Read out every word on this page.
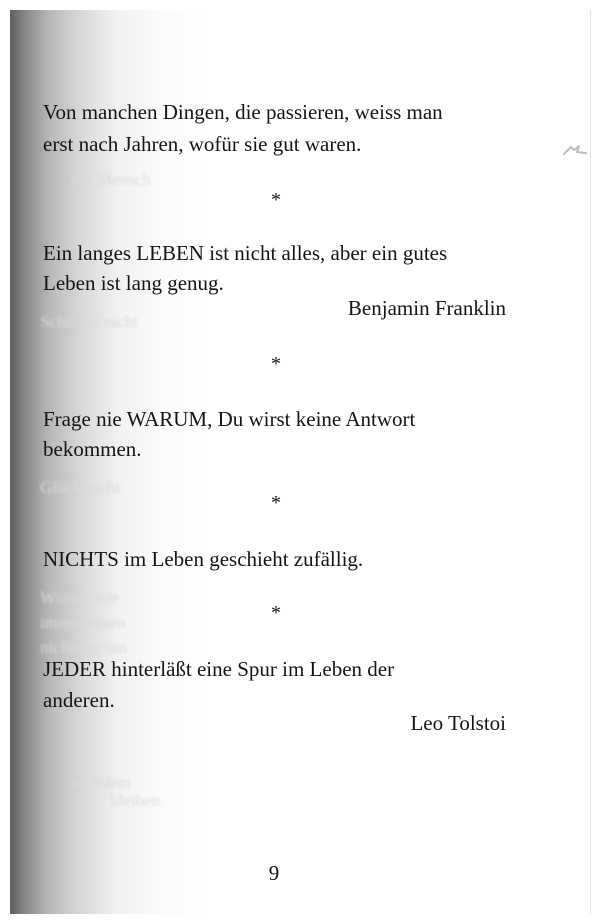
nur Mensch
Schmerz nicht
Glück nicht
Wüsste wie
immer einen
nichts zu tun
nachdem
bleiben
Von manchen Dingen, die passieren, weiss man
erst nach Jahren, wofür sie gut waren.
*
Ein langes LEBEN ist nicht alles, aber ein gutes
Leben ist lang genug.
Benjamin Franklin
*
Frage nie WARUM, Du wirst keine Antwort
bekommen.
*
NICHTS im Leben geschieht zufällig.
*
JEDER hinterläßt eine Spur im Leben der
anderen.
Leo Tolstoi
9
